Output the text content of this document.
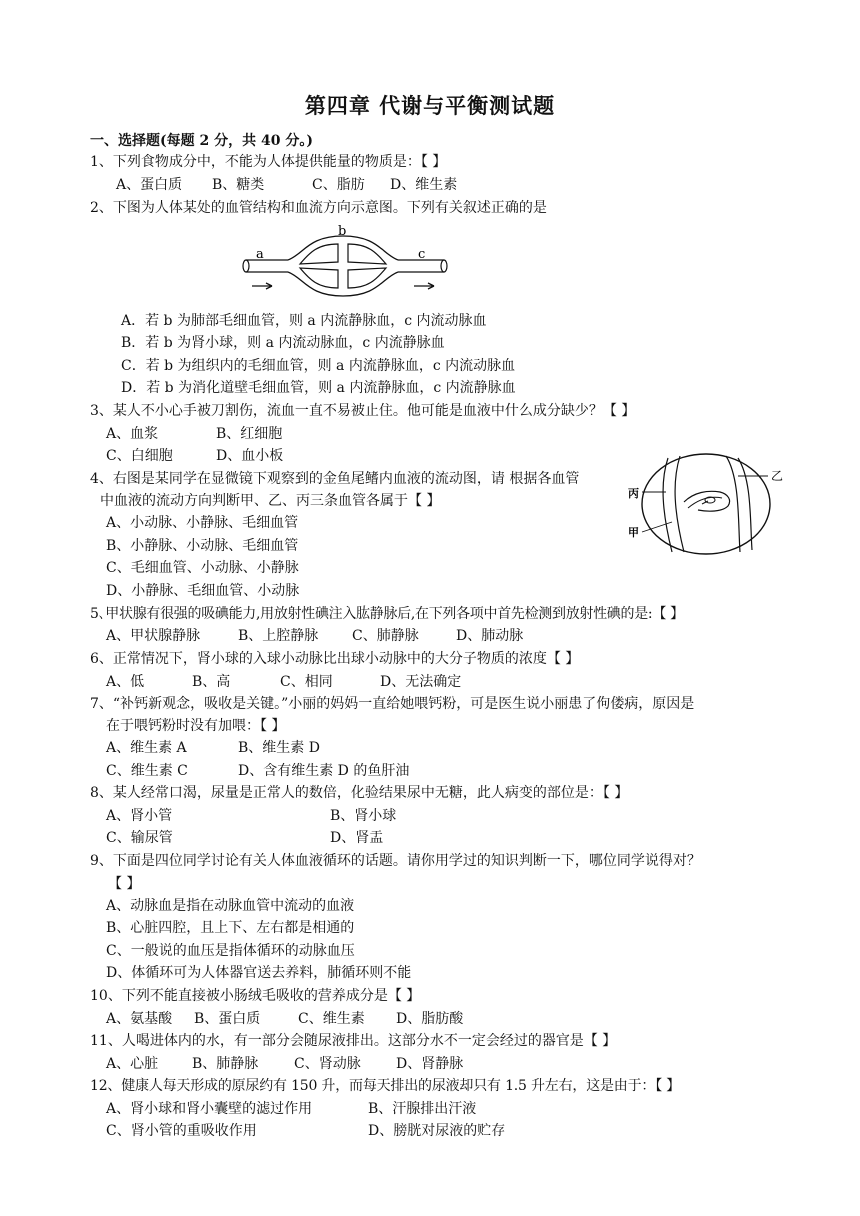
第四章 代谢与平衡测试题
一、选择题(每题 2 分，共 40 分。)
1、下列食物成分中，不能为人体提供能量的物质是：【 】
A、蛋白质 B、糖类	C、脂肪 D、维生素
2、下图为人体某处的血管结构和血流方向示意图。下列有关叙述正确的是
a
b
c
A．若 b 为肺部毛细血管，则 a 内流静脉血，c 内流动脉血
B．若 b 为肾小球，则 a 内流动脉血，c 内流静脉血
C．若 b 为组织内的毛细血管，则 a 内流静脉血，c 内流动脉血
D．若 b 为消化道壁毛细血管，则 a 内流静脉血，c 内流静脉血
3、某人不小心手被刀割伤，流血一直不易被止住。他可能是血液中什么成分缺少？【 】
A、血浆	B、红细胞
C、白细胞	D、血小板
乙
丙
甲
4、右图是某同学在显微镜下观察到的金鱼尾鳍内血液的流动图，请 根据各血管
中血液的流动方向判断甲、乙、丙三条血管各属于【 】
A、小动脉、小静脉、毛细血管
B、小静脉、小动脉、毛细血管
C、毛细血管、小动脉、小静脉
D、小静脉、毛细血管、小动脉
5､甲状腺有很强的吸碘能力,用放射性碘注入肱静脉后,在下列各项中首先检测到放射性碘的是:【 】
A、甲状腺静脉	B、上腔静脉 C、肺静脉	D、肺动脉
6、正常情况下，肾小球的入球小动脉比出球小动脉中的大分子物质的浓度【 】
A、低	B、高	C、相同	D、无法确定
7、“补钙新观念，吸收是关键。”小丽的妈妈一直给她喂钙粉，可是医生说小丽患了佝偻病，原因是
在于喂钙粉时没有加喂：【 】
A、维生素 A	B、维生素 D
C、维生素 C	D、含有维生素 D 的鱼肝油
8、某人经常口渴，尿量是正常人的数倍，化验结果尿中无糖，此人病变的部位是：【 】
A、肾小管	B、肾小球
C、输尿管	D、肾盂
9、下面是四位同学讨论有关人体血液循环的话题。请你用学过的知识判断一下，哪位同学说得对？
【 】
A、动脉血是指在动脉血管中流动的血液
B、心脏四腔，且上下、左右都是相通的
C、一般说的血压是指体循环的动脉血压
D、体循环可为人体器官送去养料，肺循环则不能
10、下列不能直接被小肠绒毛吸收的营养成分是【 】
A、氨基酸 B、蛋白质	C、维生素 D、脂肪酸
11、人喝进体内的水，有一部分会随尿液排出。这部分水不一定会经过的器官是【 】
A、心脏 B、肺静脉	C、肾动脉	D、肾静脉
12、健康人每天形成的原尿约有 150 升，而每天排出的尿液却只有 1.5 升左右，这是由于：【 】
A、肾小球和肾小囊壁的滤过作用	B、汗腺排出汗液
C、肾小管的重吸收作用	D、膀胱对尿液的贮存
